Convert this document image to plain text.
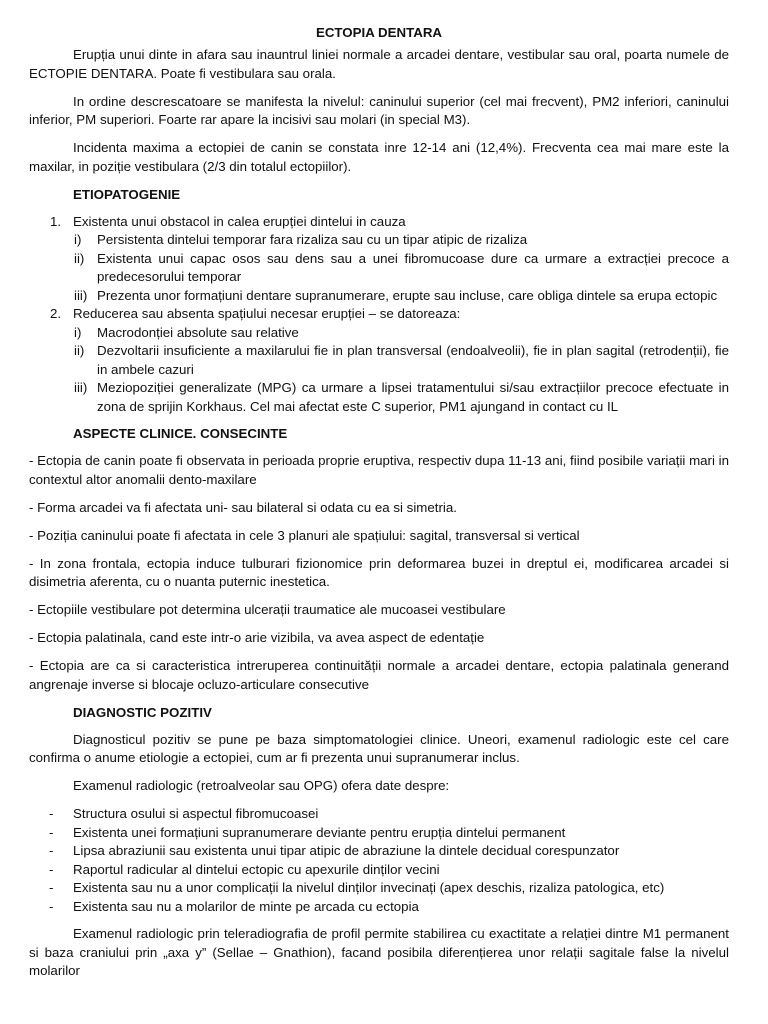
ECTOPIA DENTARA

Erupția unui dinte in afara sau inauntrul liniei normale a arcadei dentare, vestibular sau oral, poarta numele de ECTOPIE DENTARA. Poate fi vestibulara sau orala.

In ordine descrescatoare se manifesta la nivelul: caninului superior (cel mai frecvent), PM2 inferiori, caninului inferior, PM superiori. Foarte rar apare la incisivi sau molari (in special M3).

Incidenta maxima a ectopiei de canin se constata inre 12-14 ani (12,4%). Frecventa cea mai mare este la maxilar, in poziție vestibulara (2/3 din totalul ectopiilor).

ETIOPATOGENIE
1. Existenta unui obstacol in calea erupției dintelui in cauza
i) Persistenta dintelui temporar fara rizaliza sau cu un tipar atipic de rizaliza
ii) Existenta unui capac osos sau dens sau a unei fibromucoase dure ca urmare a extracției precoce a predecesorului temporar
iii) Prezenta unor formațiuni dentare supranumerare, erupte sau incluse, care obliga dintele sa erupa ectopic
2. Reducerea sau absenta spațiului necesar erupției – se datoreaza:
i) Macrodonției absolute sau relative
ii) Dezvoltarii insuficiente a maxilarului fie in plan transversal (endoalveolii), fie in plan sagital (retrodenții), fie in ambele cazuri
iii) Meziopoziției generalizate (MPG) ca urmare a lipsei tratamentului si/sau extracțiilor precoce efectuate in zona de sprijin Korkhaus. Cel mai afectat este C superior, PM1 ajungand in contact cu IL
ASPECTE CLINICE. CONSECINTE

- Ectopia de canin poate fi observata in perioada proprie eruptiva, respectiv dupa 11-13 ani, fiind posibile variații mari in contextul altor anomalii dento-maxilare

- Forma arcadei va fi afectata uni- sau bilateral si odata cu ea si simetria.

- Poziția caninului poate fi afectata in cele 3 planuri ale spațiului: sagital, transversal si vertical

- In zona frontala, ectopia induce tulburari fizionomice prin deformarea buzei in dreptul ei, modificarea arcadei si disimetria aferenta, cu o nuanta puternic inestetica.

- Ectopiile vestibulare pot determina ulcerații traumatice ale mucoasei vestibulare

- Ectopia palatinala, cand este intr-o arie vizibila, va avea aspect de edentație

- Ectopia are ca si caracteristica intreruperea continuității normale a arcadei dentare, ectopia palatinala generand angrenaje inverse si blocaje ocluzo-articulare consecutive

DIAGNOSTIC POZITIV

Diagnosticul pozitiv se pune pe baza simptomatologiei clinice. Uneori, examenul radiologic este cel care confirma o anume etiologie a ectopiei, cum ar fi prezenta unui supranumerar inclus.

Examenul radiologic (retroalveolar sau OPG) ofera date despre:

- Structura osului si aspectul fibromucoasei
- Existenta unei formațiuni supranumerare deviante pentru erupția dintelui permanent
- Lipsa abraziunii sau existenta unui tipar atipic de abraziune la dintele decidual corespunzator
- Raportul radicular al dintelui ectopic cu apexurile dinților vecini
- Existenta sau nu a unor complicații la nivelul dinților invecinați (apex deschis, rizaliza patologica, etc)
- Existenta sau nu a molarilor de minte pe arcada cu ectopia

Examenul radiologic prin teleradiografia de profil permite stabilirea cu exactitate a relației dintre M1 permanent si baza craniului prin „axa y” (Sellae – Gnathion), facand posibila diferențierea unor relații sagitale false la nivelul molarilor
